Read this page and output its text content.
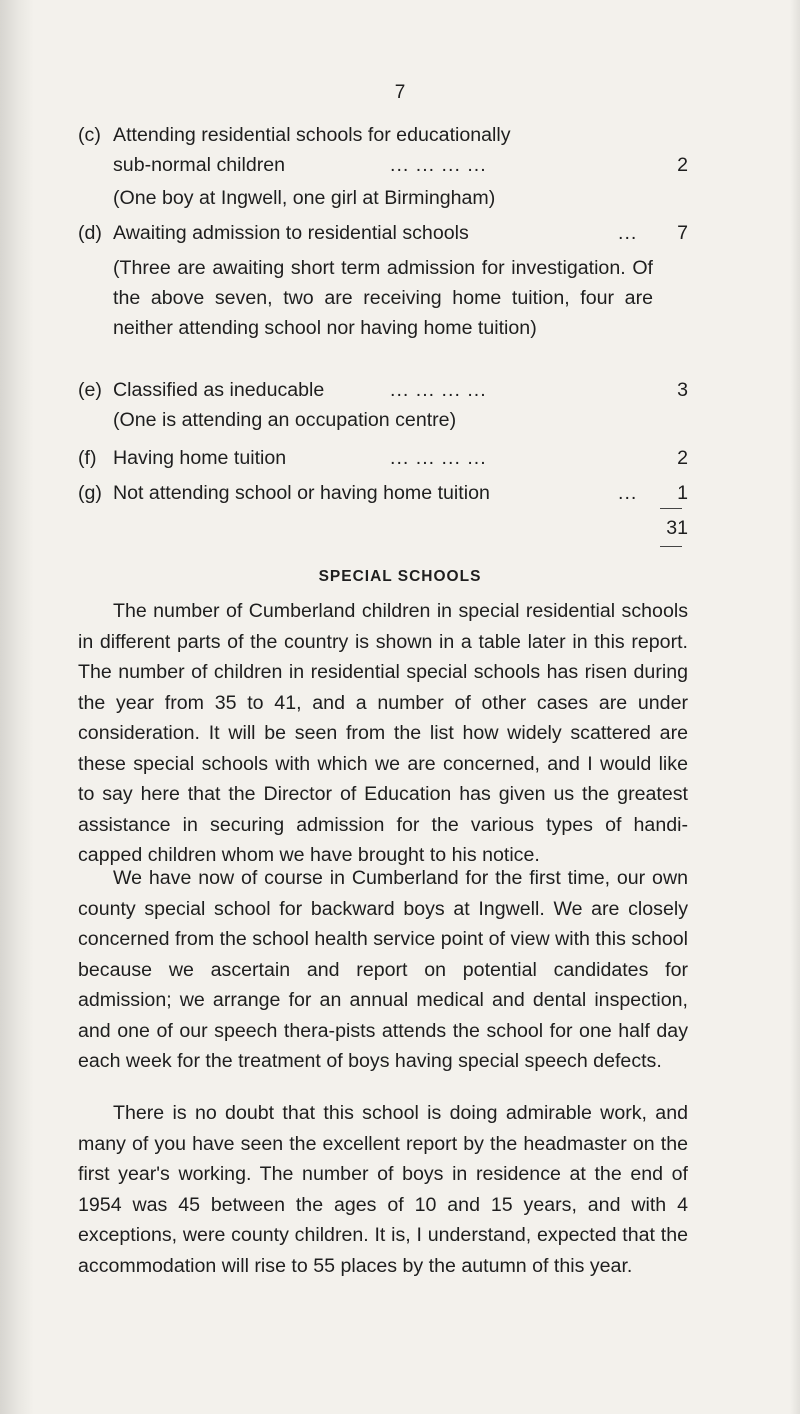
7
(c) Attending residential schools for educationally
sub-normal children	... ... ... ...	2
(One boy at Ingwell, one girl at Birmingham)
(d) Awaiting admission to residential schools	... 7
(Three are awaiting short term admission for investigation. Of the above seven, two are receiving home tuition, four are neither attending school nor having home tuition)
(e) Classified as ineducable	... ... ... ...	3
(One is attending an occupation centre)
(f) Having home tuition	... ... ... ...	2
(g) Not attending school or having home tuition	... 1
31
SPECIAL SCHOOLS

The number of Cumberland children in special residential schools in different parts of the country is shown in a table later in this report. The number of children in residential special schools has risen during the year from 35 to 41, and a number of other cases are under consideration. It will be seen from the list how widely scattered are these special schools with which we are concerned, and I would like to say here that the Director of Education has given us the greatest assistance in securing admission for the various types of handi-capped children whom we have brought to his notice.

We have now of course in Cumberland for the first time, our own county special school for backward boys at Ingwell. We are closely concerned from the school health service point of view with this school because we ascertain and report on potential candidates for admission; we arrange for an annual medical and dental inspection, and one of our speech thera-pists attends the school for one half day each week for the treatment of boys having special speech defects.

There is no doubt that this school is doing admirable work, and many of you have seen the excellent report by the headmaster on the first year's working. The number of boys in residence at the end of 1954 was 45 between the ages of 10 and 15 years, and with 4 exceptions, were county children. It is, I understand, expected that the accommodation will rise to 55 places by the autumn of this year.
